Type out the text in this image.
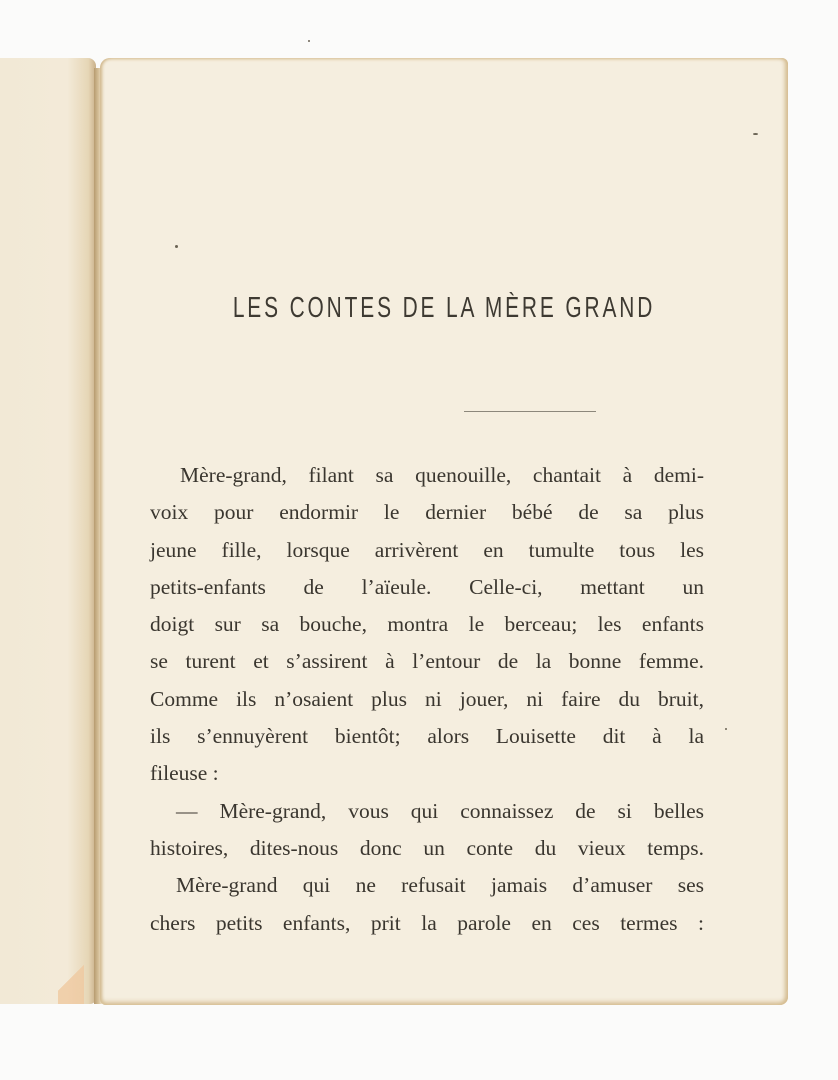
LES CONTES DE LA MÈRE GRAND

Mère-grand, filant sa quenouille, chantait à demi-
voix pour endormir le dernier bébé de sa plus
jeune fille, lorsque arrivèrent en tumulte tous les
petits-enfants de l’aïeule. Celle-ci, mettant un
doigt sur sa bouche, montra le berceau; les enfants
se turent et s’assirent à l’entour de la bonne femme.
Comme ils n’osaient plus ni jouer, ni faire du bruit,
ils s’ennuyèrent bientôt; alors Louisette dit à la
fileuse :

— Mère-grand, vous qui connaissez de si belles
histoires, dites-nous donc un conte du vieux temps.

Mère-grand qui ne refusait jamais d’amuser ses
chers petits enfants, prit la parole en ces termes :
